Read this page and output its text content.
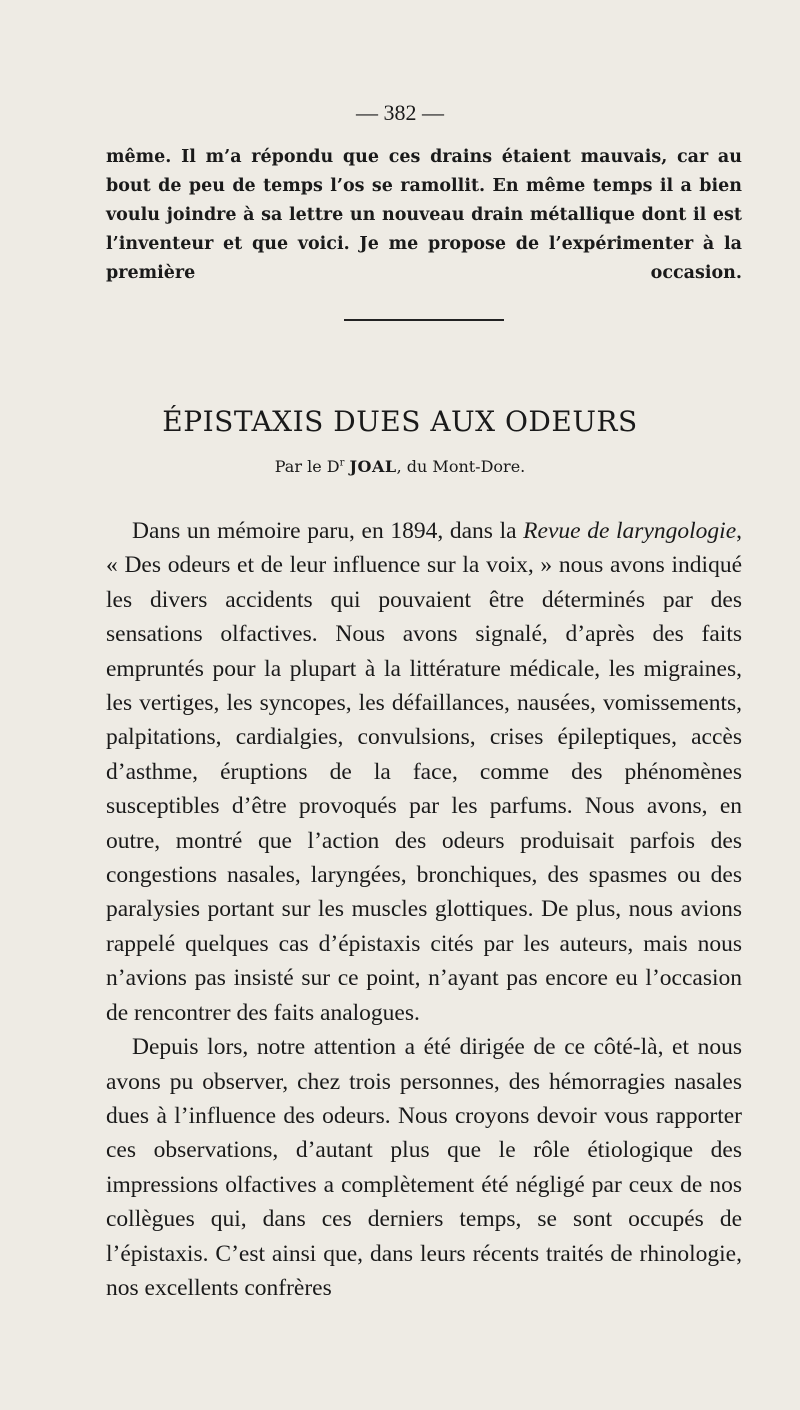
— 382 —
même. Il m’a répondu que ces drains étaient mauvais, car au bout de peu de temps l’os se ramollit. En même temps il a bien voulu joindre à sa lettre un nouveau drain métallique dont il est l’inventeur et que voici. Je me propose de l’expérimenter à la première occasion.
ÉPISTAXIS DUES AUX ODEURS
Par le $D^r$ JOAL, du Mont-Dore.

Dans un mémoire paru, en 1894, dans la Revue de laryngologie, « Des odeurs et de leur influence sur la voix, » nous avons indiqué les divers accidents qui pouvaient être déterminés par des sensations olfactives. Nous avons signalé, d’après des faits empruntés pour la plupart à la littérature médicale, les migraines, les vertiges, les syncopes, les défaillances, nausées, vomissements, palpitations, cardialgies, convulsions, crises épileptiques, accès d’asthme, éruptions de la face, comme des phénomènes susceptibles d’être provoqués par les parfums. Nous avons, en outre, montré que l’action des odeurs produisait parfois des congestions nasales, laryngées, bronchiques, des spasmes ou des paralysies portant sur les muscles glottiques. De plus, nous avions rappelé quelques cas d’épistaxis cités par les auteurs, mais nous n’avions pas insisté sur ce point, n’ayant pas encore eu l’occasion de rencontrer des faits analogues.

Depuis lors, notre attention a été dirigée de ce côté-là, et nous avons pu observer, chez trois personnes, des hémorragies nasales dues à l’influence des odeurs. Nous croyons devoir vous rapporter ces observations, d’autant plus que le rôle étiologique des impressions olfactives a complètement été négligé par ceux de nos collègues qui, dans ces derniers temps, se sont occupés de l’épistaxis. C’est ainsi que, dans leurs récents traités de rhinologie, nos excellents confrères
